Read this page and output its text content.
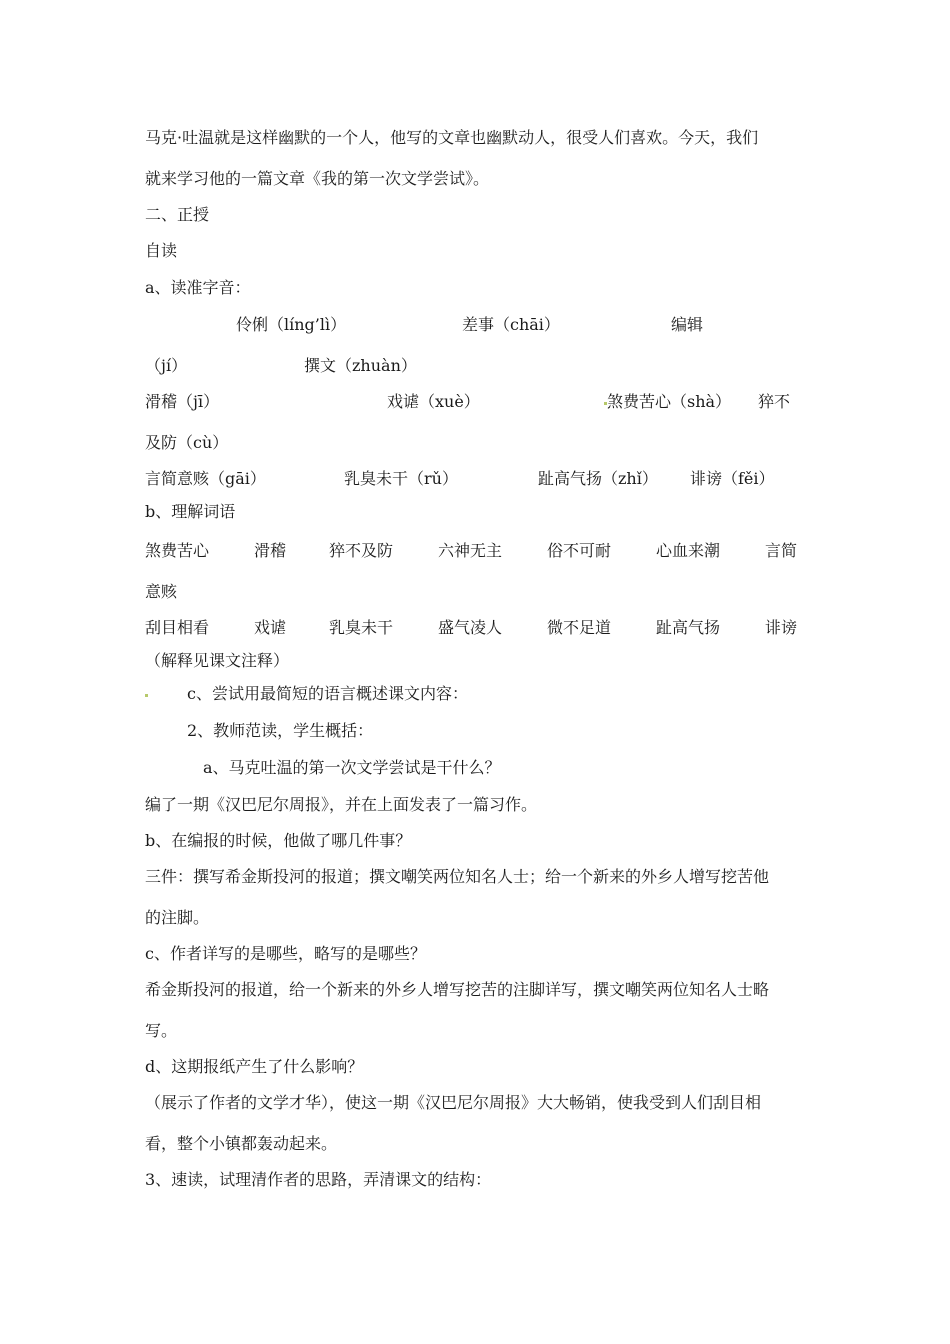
马克·吐温就是这样幽默的一个人，他写的文章也幽默动人，很受人们喜欢。今天，我们
就来学习他的一篇文章《我的第一次文学尝试》。
二、正授
自读
a、读准字音：
伶俐（líng’lì）	差事（chāi）	编辑
（jí）	撰文（zhuàn）
滑稽（jī）	戏谑（xuè）	煞费苦心（shà） 猝不
及防（cù）
言简意赅（gāi）	乳臭未干（rǔ）	趾高气扬（zhǐ） 诽谤（fěi）
b、理解词语
煞费苦心	滑稽	猝不及防	六神无主	俗不可耐	心血来潮	言简
意赅
刮目相看	戏谑	乳臭未干	盛气凌人	微不足道	趾高气扬	诽谤
（解释见课文注释）
c、尝试用最简短的语言概述课文内容：
2、教师范读，学生概括：
a、马克吐温的第一次文学尝试是干什么？
编了一期《汉巴尼尔周报》，并在上面发表了一篇习作。
b、在编报的时候，他做了哪几件事？
三件：撰写希金斯投河的报道；撰文嘲笑两位知名人士；给一个新来的外乡人增写挖苦他
的注脚。
c、作者详写的是哪些，略写的是哪些？
希金斯投河的报道，给一个新来的外乡人增写挖苦的注脚详写，撰文嘲笑两位知名人士略
写。
d、这期报纸产生了什么影响？
（展示了作者的文学才华），使这一期《汉巴尼尔周报》大大畅销，使我受到人们刮目相
看，整个小镇都轰动起来。
3、速读，试理清作者的思路，弄清课文的结构：
